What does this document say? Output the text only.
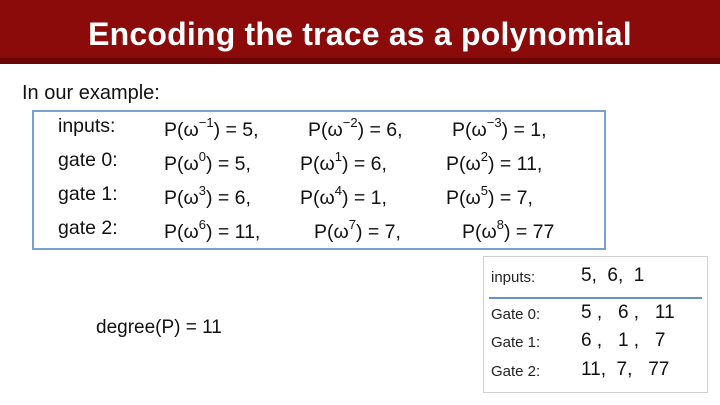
Encoding the trace as a polynomial
In our example:
inputs: $P(\omega^{-1}) = 5$,	$P(\omega^{-2}) = 6$,	$P(\omega^{-3}) = 1$,
gate 0: $P(\omega^0) = 5$,	$P(\omega^1) = 6$,	$P(\omega^2) = 11$,
gate 1: $P(\omega^3) = 6$,	$P(\omega^4) = 1$,	$P(\omega^5) = 7$,
gate 2: $P(\omega^6) = 11$,	$P(\omega^7) = 7$,	$P(\omega^8) = 77$
degree(P) = 11
inputs: 5,  6,  1
Gate 0: 5 ,   6 ,   11
Gate 1: 6 ,   1 ,   7
Gate 2: 11,  7,   77
